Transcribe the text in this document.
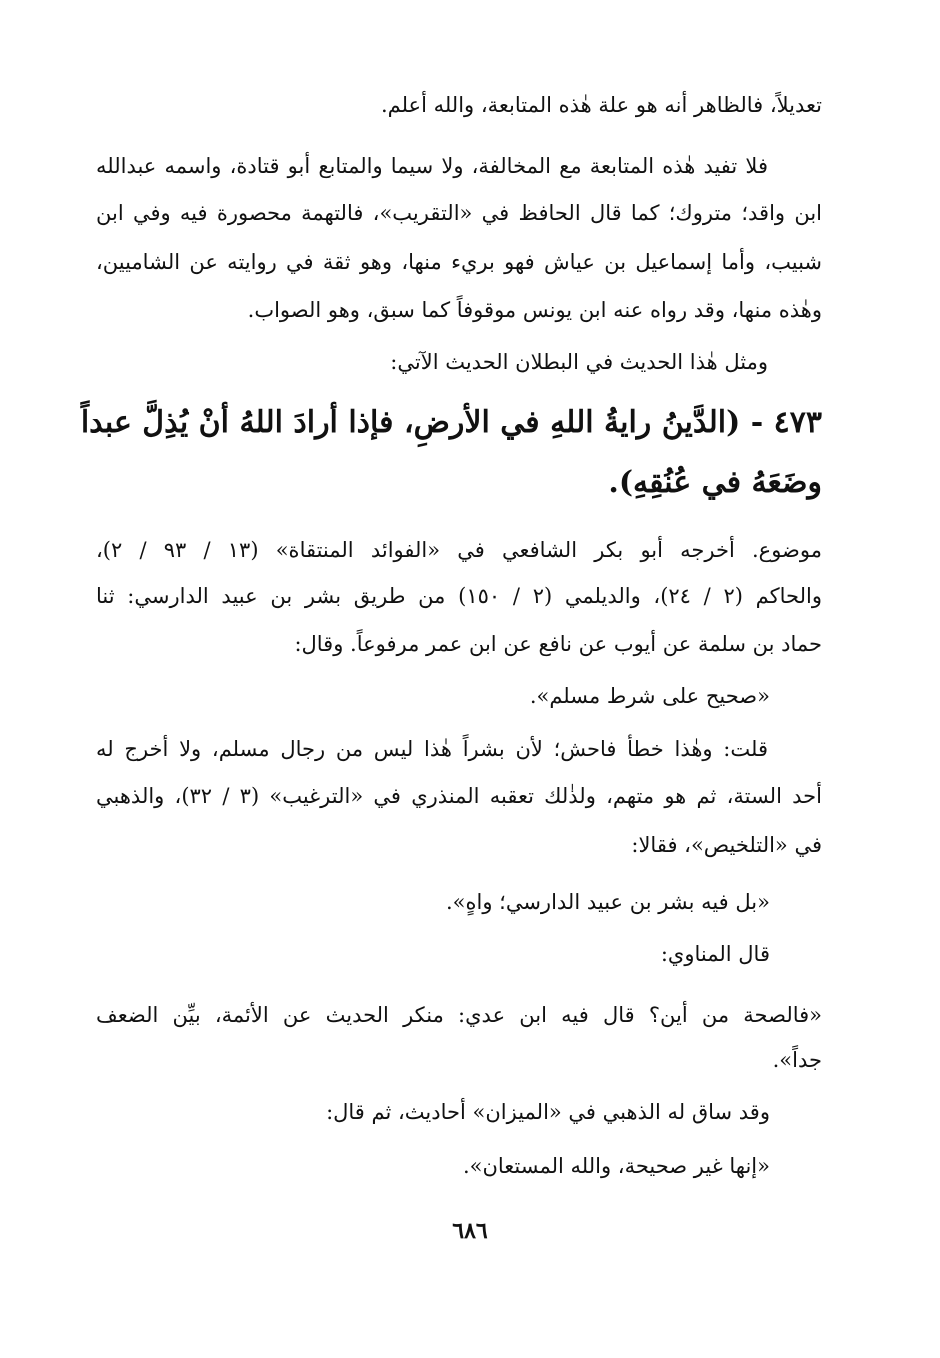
تعديلاً، فالظاهر أنه هو علة هٰذه المتابعة، والله أعلم.
فلا تفيد هٰذه المتابعة مع المخالفة، ولا سيما والمتابع أبو قتادة، واسمه عبدالله
ابن واقد؛ متروك؛ كما قال الحافظ في «التقريب»، فالتهمة محصورة فيه وفي ابن
شبيب، وأما إسماعيل بن عياش فهو بريء منها، وهو ثقة في روايته عن الشاميين،
وهٰذه منها، وقد رواه عنه ابن يونس موقوفاً كما سبق، وهو الصواب.
ومثل هٰذا الحديث في البطلان الحديث الآتي:
٤٧٣ - (الدَّينُ رايةُ اللهِ في الأرضِ، فإذا أرادَ اللهُ أنْ يُذِلَّ عبداً
وضَعَهُ في عُنُقِهِ).
موضوع. أخرجه أبو بكر الشافعي في «الفوائد المنتقاة» (١٣ / ٩٣ / ٢)،
والحاكم (٢ / ٢٤)، والديلمي (٢ / ١٥٠) من طريق بشر بن عبيد الدارسي: ثنا
حماد بن سلمة عن أيوب عن نافع عن ابن عمر مرفوعاً. وقال:
«صحيح على شرط مسلم».
قلت: وهٰذا خطأ فاحش؛ لأن بشراً هٰذا ليس من رجال مسلم، ولا أخرج له
أحد الستة، ثم هو متهم، ولذٰلك تعقبه المنذري في «الترغيب» (٣ / ٣٢)، والذهبي
في «التلخيص»، فقالا:
«بل فيه بشر بن عبيد الدارسي؛ واهٍ».
قال المناوي:
«فالصحة من أين؟ قال فيه ابن عدي: منكر الحديث عن الأئمة، بيِّن الضعف
جداً».
وقد ساق له الذهبي في «الميزان» أحاديث، ثم قال:
«إنها غير صحيحة، والله المستعان».
٦٨٦
